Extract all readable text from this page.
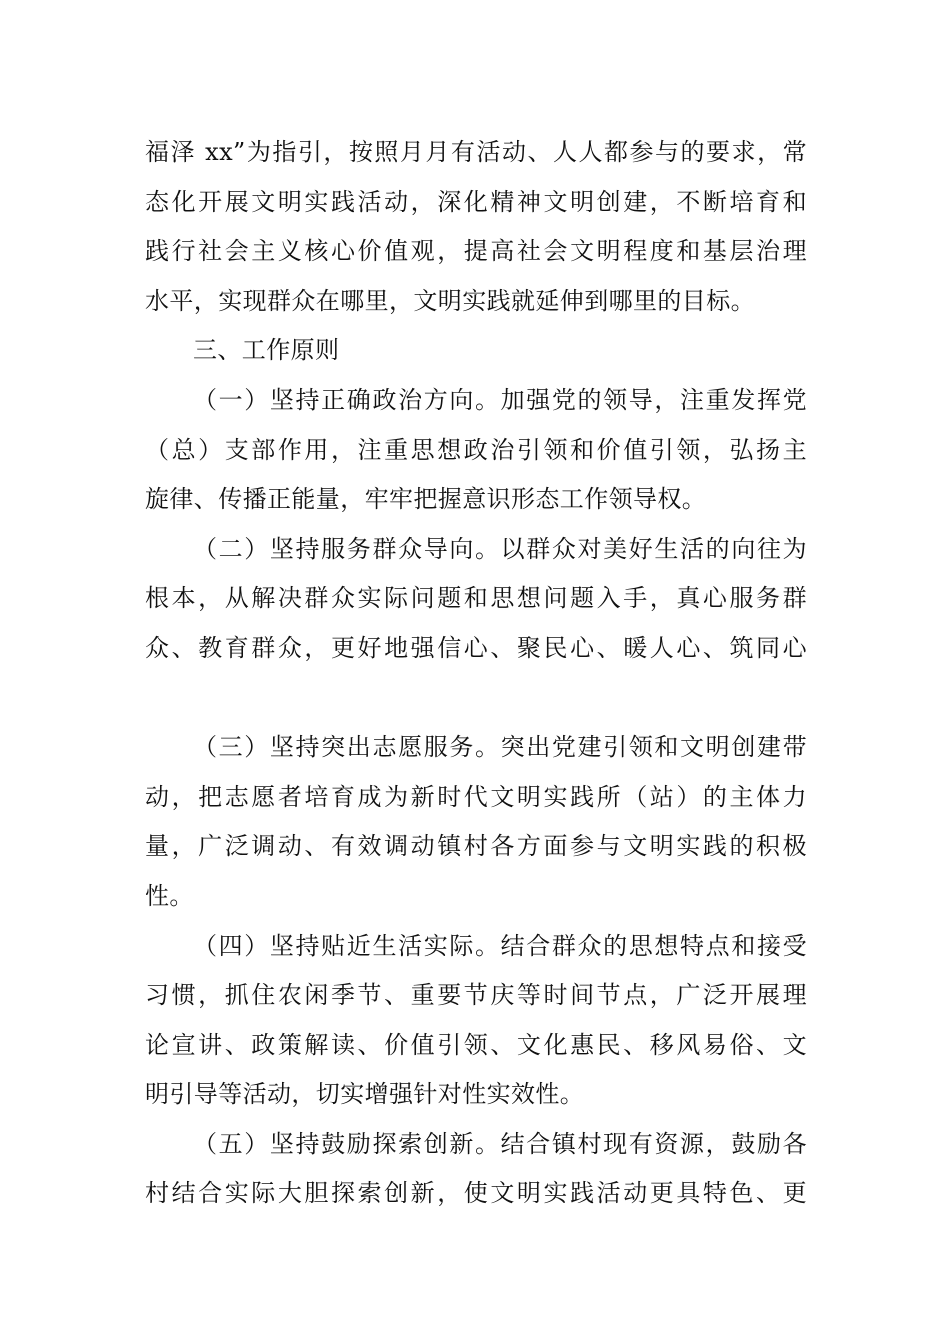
福泽 xx”为指引，按照月月有活动、人人都参与的要求，常
态化开展文明实践活动，深化精神文明创建，不断培育和
践行社会主义核心价值观，提高社会文明程度和基层治理
水平，实现群众在哪里，文明实践就延伸到哪里的目标。
三、工作原则
（一）坚持正确政治方向。加强党的领导，注重发挥党
（总）支部作用，注重思想政治引领和价值引领，弘扬主
旋律、传播正能量，牢牢把握意识形态工作领导权。
（二）坚持服务群众导向。以群众对美好生活的向往为
根本，从解决群众实际问题和思想问题入手，真心服务群
众、教育群众，更好地强信心、聚民心、暖人心、筑同心
（三）坚持突出志愿服务。突出党建引领和文明创建带
动，把志愿者培育成为新时代文明实践所（站）的主体力
量，广泛调动、有效调动镇村各方面参与文明实践的积极
性。
（四）坚持贴近生活实际。结合群众的思想特点和接受
习惯，抓住农闲季节、重要节庆等时间节点，广泛开展理
论宣讲、政策解读、价值引领、文化惠民、移风易俗、文
明引导等活动，切实增强针对性实效性。
（五）坚持鼓励探索创新。结合镇村现有资源，鼓励各
村结合实际大胆探索创新，使文明实践活动更具特色、更
